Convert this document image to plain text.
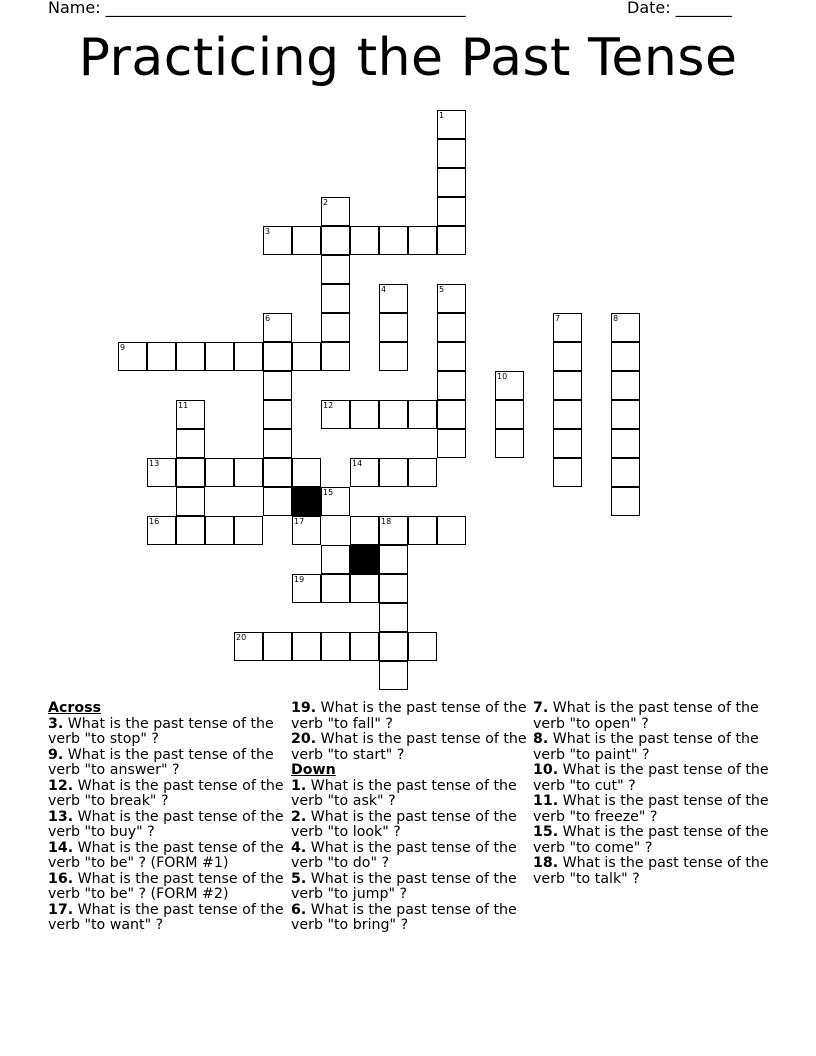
Name: _____________________________________________	Date: _______
Practicing the Past Tense
1
2
3
4	5
7	8
6
9
10
11	12
13	14
15
16	17	18
19
20
Across
3. What is the past tense of the verb "to stop" ?
9. What is the past tense of the verb "to answer" ?
12. What is the past tense of the verb "to break" ?
13. What is the past tense of the verb "to buy" ?
14. What is the past tense of the verb "to be" ? (FORM #1)
16. What is the past tense of the verb "to be" ? (FORM #2)
17. What is the past tense of the verb "to want" ?
19. What is the past tense of the verb "to fall" ?
20. What is the past tense of the verb "to start" ?
Down
1. What is the past tense of the verb "to ask" ?
2. What is the past tense of the verb "to look" ?
4. What is the past tense of the verb "to do" ?
5. What is the past tense of the verb "to jump" ?
6. What is the past tense of the verb "to bring" ?
7. What is the past tense of the verb "to open" ?
8. What is the past tense of the verb "to paint" ?
10. What is the past tense of the verb "to cut" ?
11. What is the past tense of the verb "to freeze" ?
15. What is the past tense of the verb "to come" ?
18. What is the past tense of the verb "to talk" ?
